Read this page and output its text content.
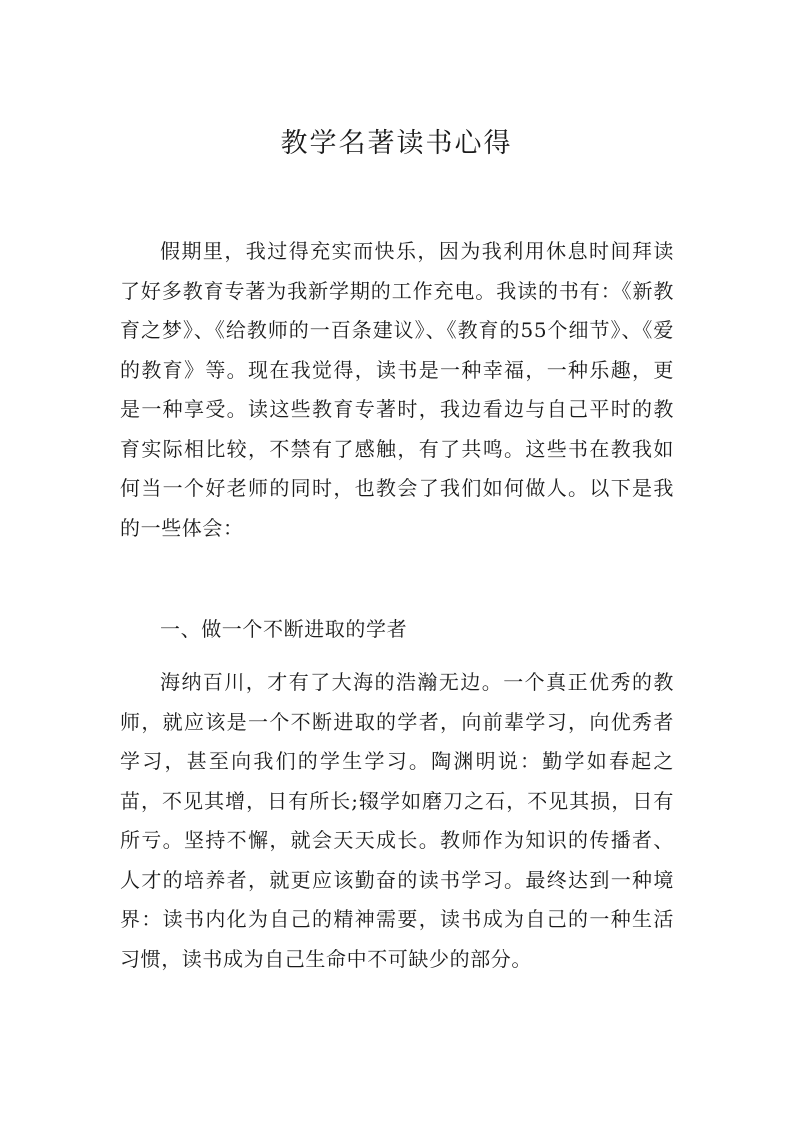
教学名著读书心得

假期里，我过得充实而快乐，因为我利用休息时间拜读了好多教育专著为我新学期的工作充电。我读的书有：《新教育之梦》、《给教师的一百条建议》、《教育的55个细节》、《爱的教育》等。现在我觉得，读书是一种幸福，一种乐趣，更是一种享受。读这些教育专著时，我边看边与自己平时的教育实际相比较，不禁有了感触，有了共鸣。这些书在教我如何当一个好老师的同时，也教会了我们如何做人。以下是我的一些体会：

一、做一个不断进取的学者

海纳百川，才有了大海的浩瀚无边。一个真正优秀的教师，就应该是一个不断进取的学者，向前辈学习，向优秀者学习，甚至向我们的学生学习。陶渊明说：勤学如春起之苗，不见其增，日有所长;辍学如磨刀之石，不见其损，日有所亏。坚持不懈，就会天天成长。教师作为知识的传播者、人才的培养者，就更应该勤奋的读书学习。最终达到一种境界：读书内化为自己的精神需要，读书成为自己的一种生活习惯，读书成为自己生命中不可缺少的部分。
